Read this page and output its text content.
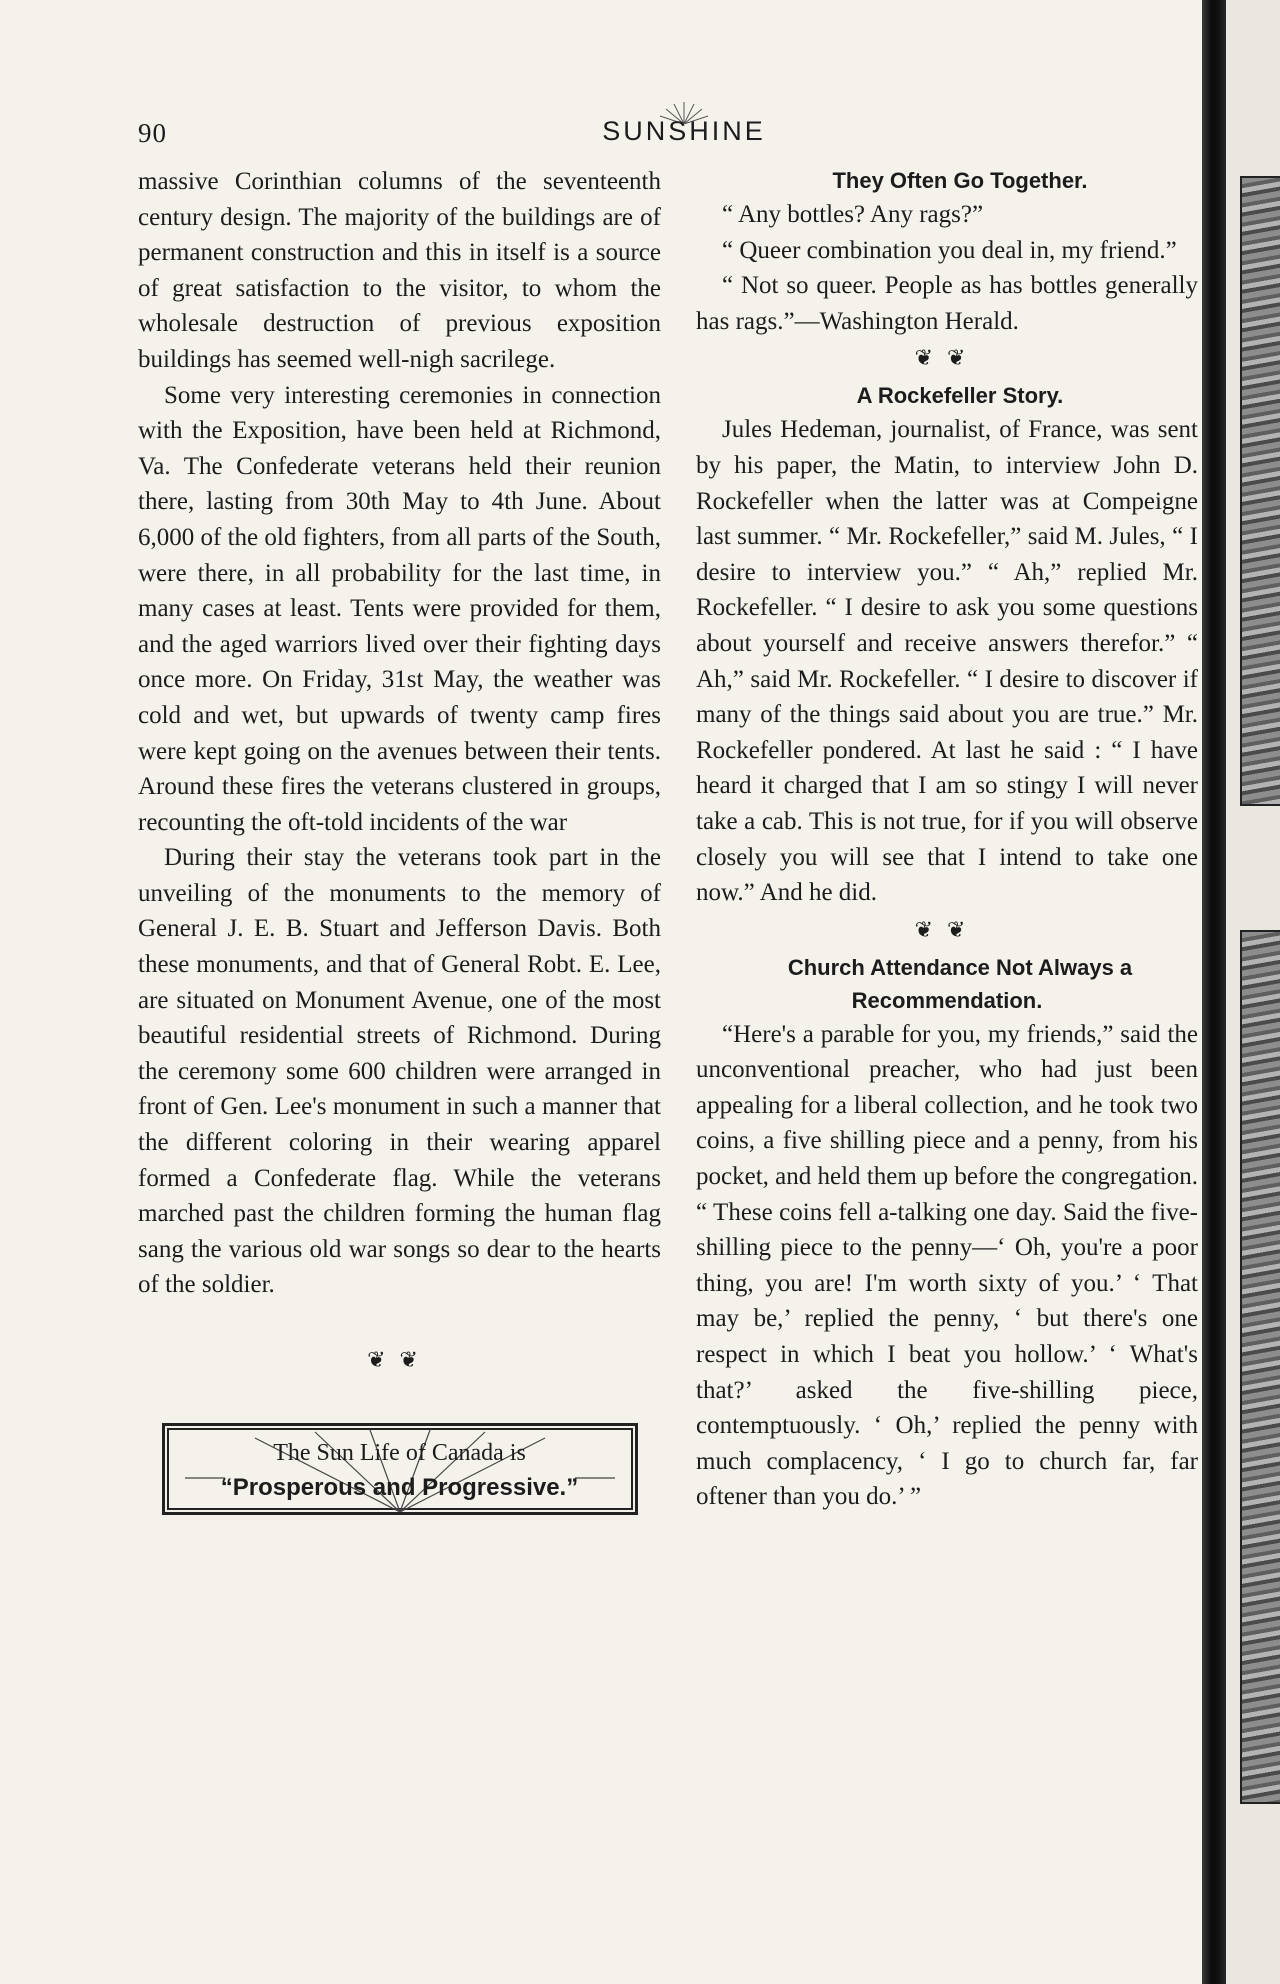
90	SUNSHINE

massive Corinthian columns of the seventeenth century design. The majority of the buildings are of permanent construction and this in itself is a source of great satisfaction to the visitor, to whom the wholesale destruction of previous exposition buildings has seemed well-nigh sacrilege.

Some very interesting ceremonies in connection with the Exposition, have been held at Richmond, Va. The Confederate veterans held their reunion there, lasting from 30th May to 4th June. About 6,000 of the old fighters, from all parts of the South, were there, in all probability for the last time, in many cases at least. Tents were provided for them, and the aged warriors lived over their fighting days once more. On Friday, 31st May, the weather was cold and wet, but upwards of twenty camp fires were kept going on the avenues between their tents. Around these fires the veterans clustered in groups, recounting the oft-told incidents of the war

During their stay the veterans took part in the unveiling of the monuments to the memory of General J. E. B. Stuart and Jefferson Davis. Both these monuments, and that of General Robt. E. Lee, are situated on Monument Avenue, one of the most beautiful residential streets of Richmond. During the ceremony some 600 children were arranged in front of Gen. Lee's monument in such a manner that the different coloring in their wearing apparel formed a Confederate flag. While the veterans marched past the children forming the human flag sang the various old war songs so dear to the hearts of the soldier.

❦❦
The Sun Life of Canada is
“Prosperous and Progressive.”

They Often Go Together.

“ Any bottles? Any rags?”

“ Queer combination you deal in, my friend.”

“ Not so queer. People as has bottles generally has rags.”—Washington Herald.

❦❦

A Rockefeller Story.

Jules Hedeman, journalist, of France, was sent by his paper, the Matin, to interview John D. Rockefeller when the latter was at Compeigne last summer. “ Mr. Rockefeller,” said M. Jules, “ I desire to interview you.” “ Ah,” replied Mr. Rockefeller. “ I desire to ask you some questions about yourself and receive answers therefor.” “ Ah,” said Mr. Rockefeller. “ I desire to discover if many of the things said about you are true.” Mr. Rockefeller pondered. At last he said : “ I have heard it charged that I am so stingy I will never take a cab. This is not true, for if you will observe closely you will see that I intend to take one now.” And he did.

❦❦

Church Attendance Not Always a Recommendation.

“Here's a parable for you, my friends,” said the unconventional preacher, who had just been appealing for a liberal collection, and he took two coins, a five shilling piece and a penny, from his pocket, and held them up before the congregation. “ These coins fell a-talking one day. Said the five-shilling piece to the penny—‘ Oh, you're a poor thing, you are! I'm worth sixty of you.’ ‘ That may be,’ replied the penny, ‘ but there's one respect in which I beat you hollow.’ ‘ What's that?’ asked the five-shilling piece, contemptuously. ‘ Oh,’ replied the penny with much complacency, ‘ I go to church far, far oftener than you do.’ ”
